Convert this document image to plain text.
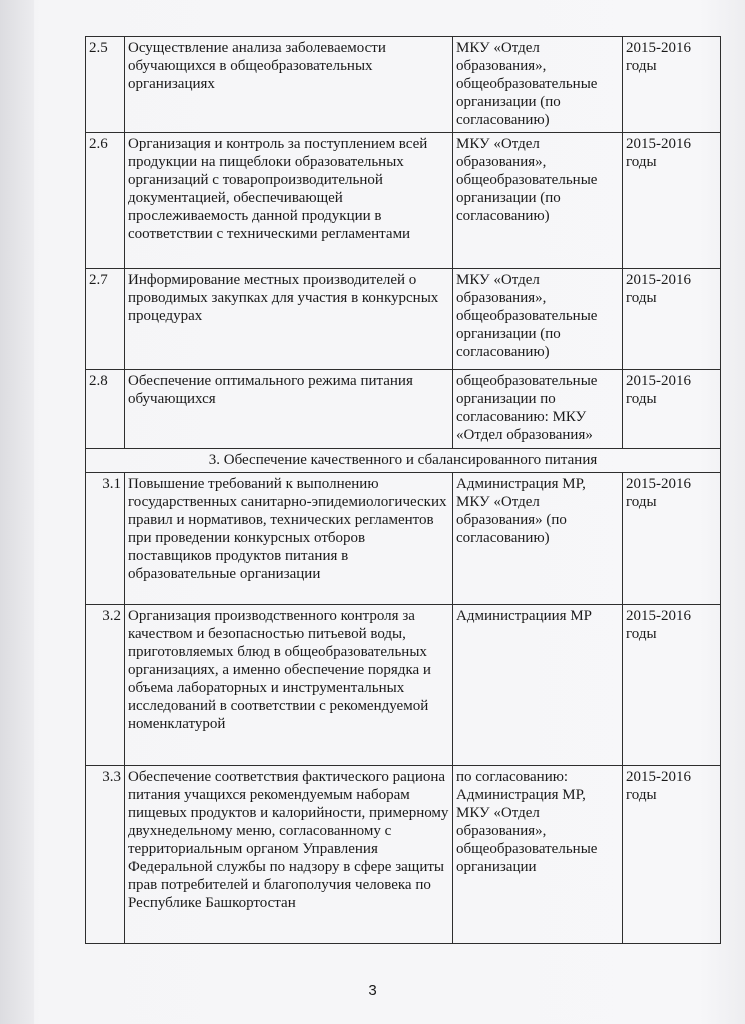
2.5	Осуществление анализа заболеваемости обучающихся в общеобразовательных организациях	МКУ «Отдел образования», общеобразовательные организации (по согласованию)	2015-2016 годы
2.6	Организация и контроль за поступлением всей продукции на пищеблоки образовательных организаций с товаропроизводительной документацией, обеспечивающей прослеживаемость данной продукции в соответствии с техническими регламентами	МКУ «Отдел образования», общеобразовательные организации (по согласованию)	2015-2016 годы
2.7	Информирование местных производителей о проводимых закупках для участия в конкурсных процедурах	МКУ «Отдел образования», общеобразовательные организации (по согласованию)	2015-2016 годы
2.8	Обеспечение оптимального режима питания обучающихся	общеобразовательные организации по согласованию: МКУ «Отдел образования»	2015-2016 годы
3. Обеспечение качественного и сбалансированного питания			
3.1	Повышение требований к выполнению государственных санитарно-эпидемиологических правил и нормативов, технических регламентов при проведении конкурсных отборов поставщиков продуктов питания в образовательные организации	Администрация МР, МКУ «Отдел образования» (по согласованию)	2015-2016 годы
3.2	Организация производственного контроля за качеством и безопасностью питьевой воды, приготовляемых блюд в общеобразовательных организациях, а именно обеспечение порядка и объема лабораторных и инструментальных исследований в соответствии с рекомендуемой номенклатурой	Администрациия МР	2015-2016 годы
3.3	Обеспечение соответствия фактического рациона питания учащихся рекомендуемым наборам пищевых продуктов и калорийности, примерному двухнедельному меню, согласованному с территориальным органом Управления Федеральной службы по надзору в сфере защиты прав потребителей и благополучия человека по Республике Башкортостан	по согласованию: Администрация МР, МКУ «Отдел образования», общеобразовательные организации	2015-2016 годы
3
